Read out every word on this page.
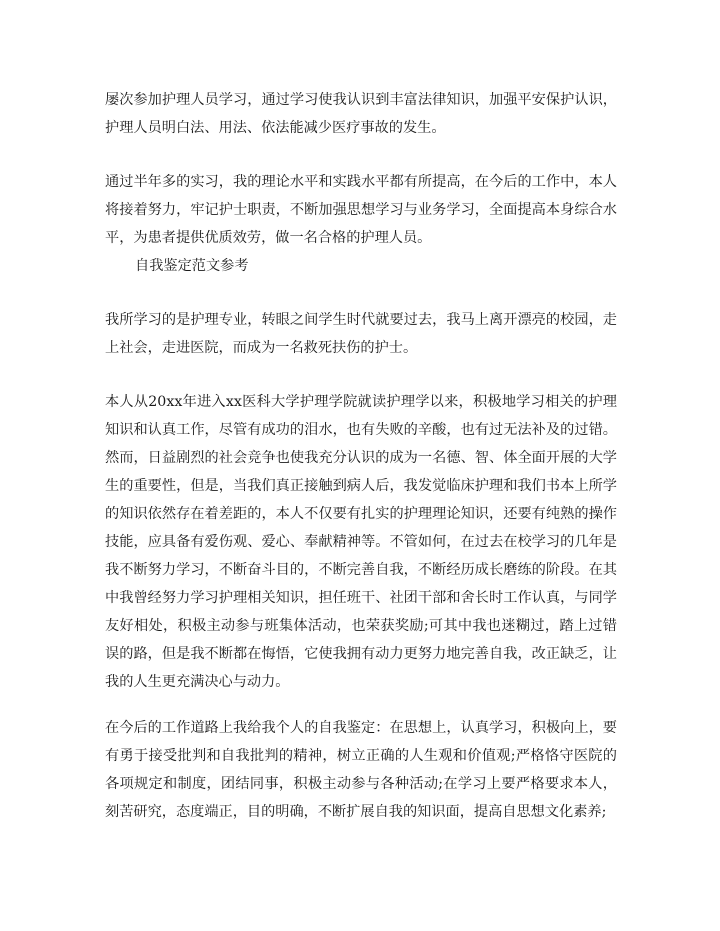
屡次参加护理人员学习，通过学习使我认识到丰富法律知识，加强平安保护认识，护理人员明白法、用法、依法能减少医疗事故的发生。

通过半年多的实习，我的理论水平和实践水平都有所提高，在今后的工作中，本人将接着努力，牢记护士职责，不断加强思想学习与业务学习，全面提高本身综合水平，为患者提供优质效劳，做一名合格的护理人员。

自我鉴定范文参考

我所学习的是护理专业，转眼之间学生时代就要过去，我马上离开漂亮的校园，走上社会，走进医院，而成为一名救死扶伤的护士。

本人从20xx年进入xx医科大学护理学院就读护理学以来，积极地学习相关的护理知识和认真工作，尽管有成功的泪水，也有失败的辛酸，也有过无法补及的过错。然而，日益剧烈的社会竞争也使我充分认识的成为一名德、智、体全面开展的大学生的重要性，但是，当我们真正接触到病人后，我发觉临床护理和我们书本上所学的知识依然存在着差距的，本人不仅要有扎实的护理理论知识，还要有纯熟的操作技能，应具备有爱伤观、爱心、奉献精神等。不管如何，在过去在校学习的几年是我不断努力学习，不断奋斗目的，不断完善自我，不断经历成长磨练的阶段。在其中我曾经努力学习护理相关知识，担任班干、社团干部和舍长时工作认真，与同学友好相处，积极主动参与班集体活动，也荣获奖励;可其中我也迷糊过，踏上过错误的路，但是我不断都在悔悟，它使我拥有动力更努力地完善自我，改正缺乏，让我的人生更充满决心与动力。

在今后的工作道路上我给我个人的自我鉴定：在思想上，认真学习，积极向上，要有勇于接受批判和自我批判的精神，树立正确的人生观和价值观;严格恪守医院的各项规定和制度，团结同事，积极主动参与各种活动;在学习上要严格要求本人，刻苦研究，态度端正，目的明确，不断扩展自我的知识面，提高自思想文化素养;
